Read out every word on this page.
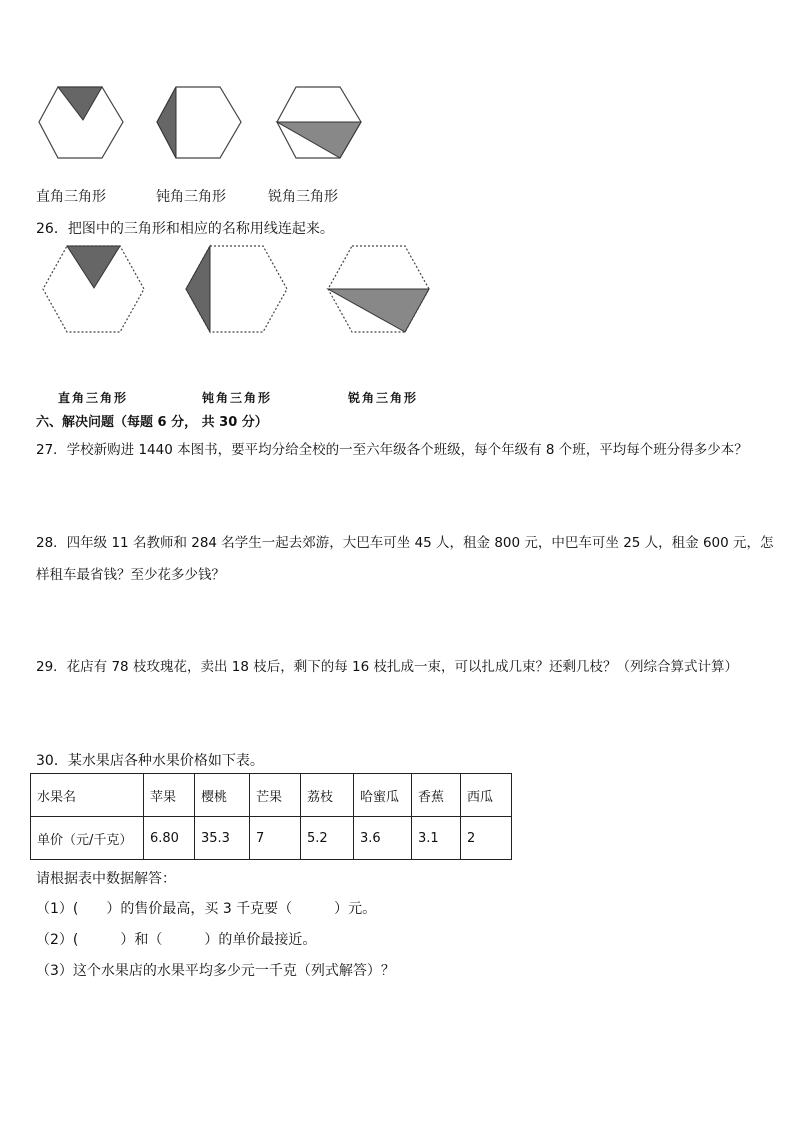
直角三角形	钝角三角形	锐角三角形
26．把图中的三角形和相应的名称用线连起来。
直角三角形	钝角三角形	锐角三角形
六、解决问题（每题 6 分， 共 30 分）
27．学校新购进 1440 本图书，要平均分给全校的一至六年级各个班级，每个年级有 8 个班，平均每个班分得多少本？
28．四年级 11 名教师和 284 名学生一起去郊游，大巴车可坐 45 人，租金 800 元，中巴车可坐 25 人，租金 600 元，怎
样租车最省钱？至少花多少钱？
29．花店有 78 枝玫瑰花，卖出 18 枝后，剩下的每 16 枝扎成一束，可以扎成几束？还剩几枝？（列综合算式计算）
30．某水果店各种水果价格如下表。
水果名	苹果	樱桃	芒果	荔枝	哈蜜瓜	香蕉	西瓜
单价（元/千克）	6.80	35.3	7	5.2	3.6	3.1	2
请根据表中数据解答：
（1）(　　）的售价最高，买 3 千克要（　　　）元。
（2）(　　　）和（　　　）的单价最接近。
（3）这个水果店的水果平均多少元一千克（列式解答）？
